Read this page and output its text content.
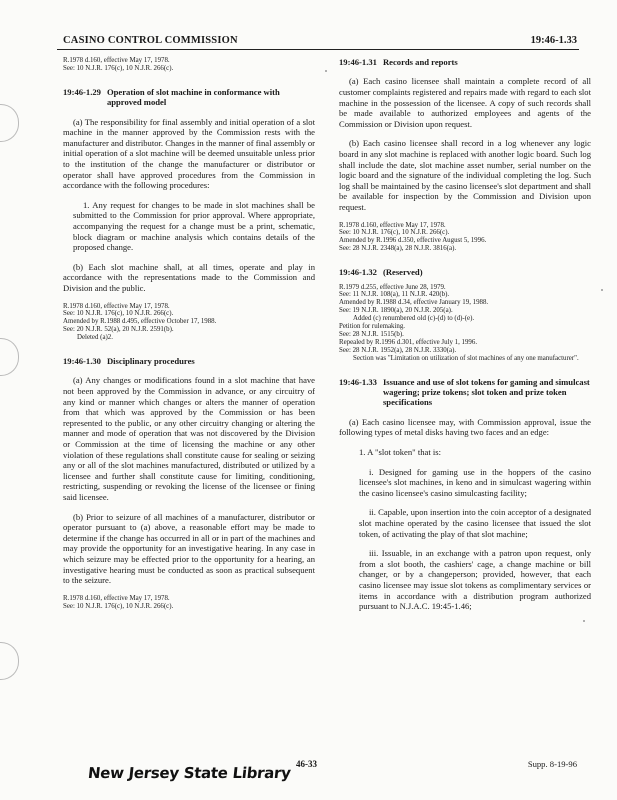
CASINO CONTROL COMMISSION	19:46-1.33
R.1978 d.160, effective May 17, 1978.
See: 10 N.J.R. 176(c), 10 N.J.R. 266(c).
19:46-1.29 Operation of slot machine in conformance with approved model

(a) The responsibility for final assembly and initial operation of a slot machine in the manner approved by the Commission rests with the manufacturer and distributor. Changes in the manner of final assembly or initial operation of a slot machine will be deemed unsuitable unless prior to the institution of the change the manufacturer or distributor or operator shall have approved procedures from the Commission in accordance with the following procedures:

1. Any request for changes to be made in slot machines shall be submitted to the Commission for prior approval. Where appropriate, accompanying the request for a change must be a print, schematic, block diagram or machine analysis which contains details of the proposed change.

(b) Each slot machine shall, at all times, operate and play in accordance with the representations made to the Commission and Division and the public.

R.1978 d.160, effective May 17, 1978.
See: 10 N.J.R. 176(c), 10 N.J.R. 266(c).
Amended by R.1988 d.495, effective October 17, 1988.
See: 20 N.J.R. 52(a), 20 N.J.R. 2591(b).
Deleted (a)2.
19:46-1.30 Disciplinary procedures

(a) Any changes or modifications found in a slot machine that have not been approved by the Commission in advance, or any circuitry of any kind or manner which changes or alters the manner of operation from that which was approved by the Commission or has been represented to the public, or any other circuitry changing or altering the manner and mode of operation that was not discovered by the Division or Commission at the time of licensing the machine or any other violation of these regulations shall constitute cause for sealing or seizing any or all of the slot machines manufactured, distributed or utilized by a licensee and further shall constitute cause for limiting, conditioning, restricting, suspending or revoking the license of the licensee or fining said licensee.

(b) Prior to seizure of all machines of a manufacturer, distributor or operator pursuant to (a) above, a reasonable effort may be made to determine if the change has occurred in all or in part of the machines and may provide the opportunity for an investigative hearing. In any case in which seizure may be effected prior to the opportunity for a hearing, an investigative hearing must be conducted as soon as practical subsequent to the seizure.

R.1978 d.160, effective May 17, 1978.
See: 10 N.J.R. 176(c), 10 N.J.R. 266(c).
19:46-1.31 Records and reports

(a) Each casino licensee shall maintain a complete record of all customer complaints registered and repairs made with regard to each slot machine in the possession of the licensee. A copy of such records shall be made available to authorized employees and agents of the Commission or Division upon request.

(b) Each casino licensee shall record in a log whenever any logic board in any slot machine is replaced with another logic board. Such log shall include the date, slot machine asset number, serial number on the logic board and the signature of the individual completing the log. Such log shall be maintained by the casino licensee's slot department and shall be available for inspection by the Commission and Division upon request.

R.1978 d.160, effective May 17, 1978.
See: 10 N.J.R. 176(c), 10 N.J.R. 266(c).
Amended by R.1996 d.350, effective August 5, 1996.
See: 28 N.J.R. 2348(a), 28 N.J.R. 3816(a).
19:46-1.32 (Reserved)
R.1979 d.255, effective June 28, 1979.
See: 11 N.J.R. 108(a), 11 N.J.R. 420(b).
Amended by R.1988 d.34, effective January 19, 1988.
See: 19 N.J.R. 1890(a), 20 N.J.R. 205(a).
Added (c) renumbered old (c)-(d) to (d)-(e).
Petition for rulemaking.
See: 28 N.J.R. 1515(b).
Repealed by R.1996 d.301, effective July 1, 1996.
See: 28 N.J.R. 1952(a), 28 N.J.R. 3330(a).
Section was "Limitation on utilization of slot machines of any one manufacturer".
19:46-1.33 Issuance and use of slot tokens for gaming and simulcast wagering; prize tokens; slot token and prize token specifications

(a) Each casino licensee may, with Commission approval, issue the following types of metal disks having two faces and an edge:

1. A "slot token" that is:

i. Designed for gaming use in the hoppers of the casino licensee's slot machines, in keno and in simulcast wagering within the casino licensee's casino simulcasting facility;

ii. Capable, upon insertion into the coin acceptor of a designated slot machine operated by the casino licensee that issued the slot token, of activating the play of that slot machine;

iii. Issuable, in an exchange with a patron upon request, only from a slot booth, the cashiers' cage, a change machine or bill changer, or by a changeperson; provided, however, that each casino licensee may issue slot tokens as complimentary services or items in accordance with a distribution program authorized pursuant to N.J.A.C. 19:45-1.46;

New Jersey State Library 46-33	Supp. 8-19-96
